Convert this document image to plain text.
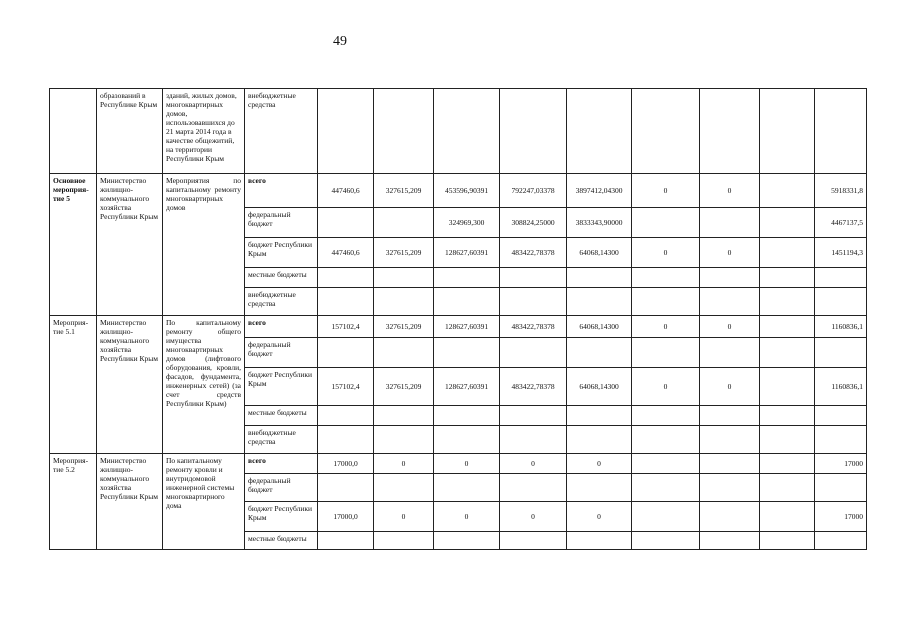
49
	образований в Республике Крым	зданий, жилых домов, многоквартирных домов, использовавшихся до 21 марта 2014 года в качестве общежитий, на территории Республики Крым	внебюджетные средства									
Основное мероприя-тие 5	Министерство жилищно-коммунального хозяйства Республики Крым	Мероприятия по капитальному ремонту многоквартирных домов	всего	447460,6	327615,209	453596,90391	792247,03378	3897412,04300	0	0		5918331,8
			федеральный бюджет			324969,300	308824,25000	3833343,90000				4467137,5
			бюджет Республики Крым	447460,6	327615,209	128627,60391	483422,78378	64068,14300	0	0		1451194,3
			местные бюджеты									
			внебюджетные средства									
Мероприя-тие 5.1	Министерство жилищно-коммунального хозяйства Республики Крым	По капитальному ремонту общего имущества многоквартирных домов (лифтового оборудования, кровли, фасадов, фундамента, инженерных сетей) (за счет средств Республики Крым)	всего	157102,4	327615,209	128627,60391	483422,78378	64068,14300	0	0		1160836,1
			федеральный бюджет									
			бюджет Республики Крым	157102,4	327615,209	128627,60391	483422,78378	64068,14300	0	0		1160836,1
			местные бюджеты									
			внебюджетные средства									
Мероприя-тие 5.2	Министерство жилищно-коммунального хозяйства Республики Крым	По капитальному ремонту кровли и внутридомовой инженерной системы многоквартирного дома	всего	17000,0	0	0	0	0				17000
			федеральный бюджет									
			бюджет Республики Крым	17000,0	0	0	0	0				17000
			местные бюджеты									
